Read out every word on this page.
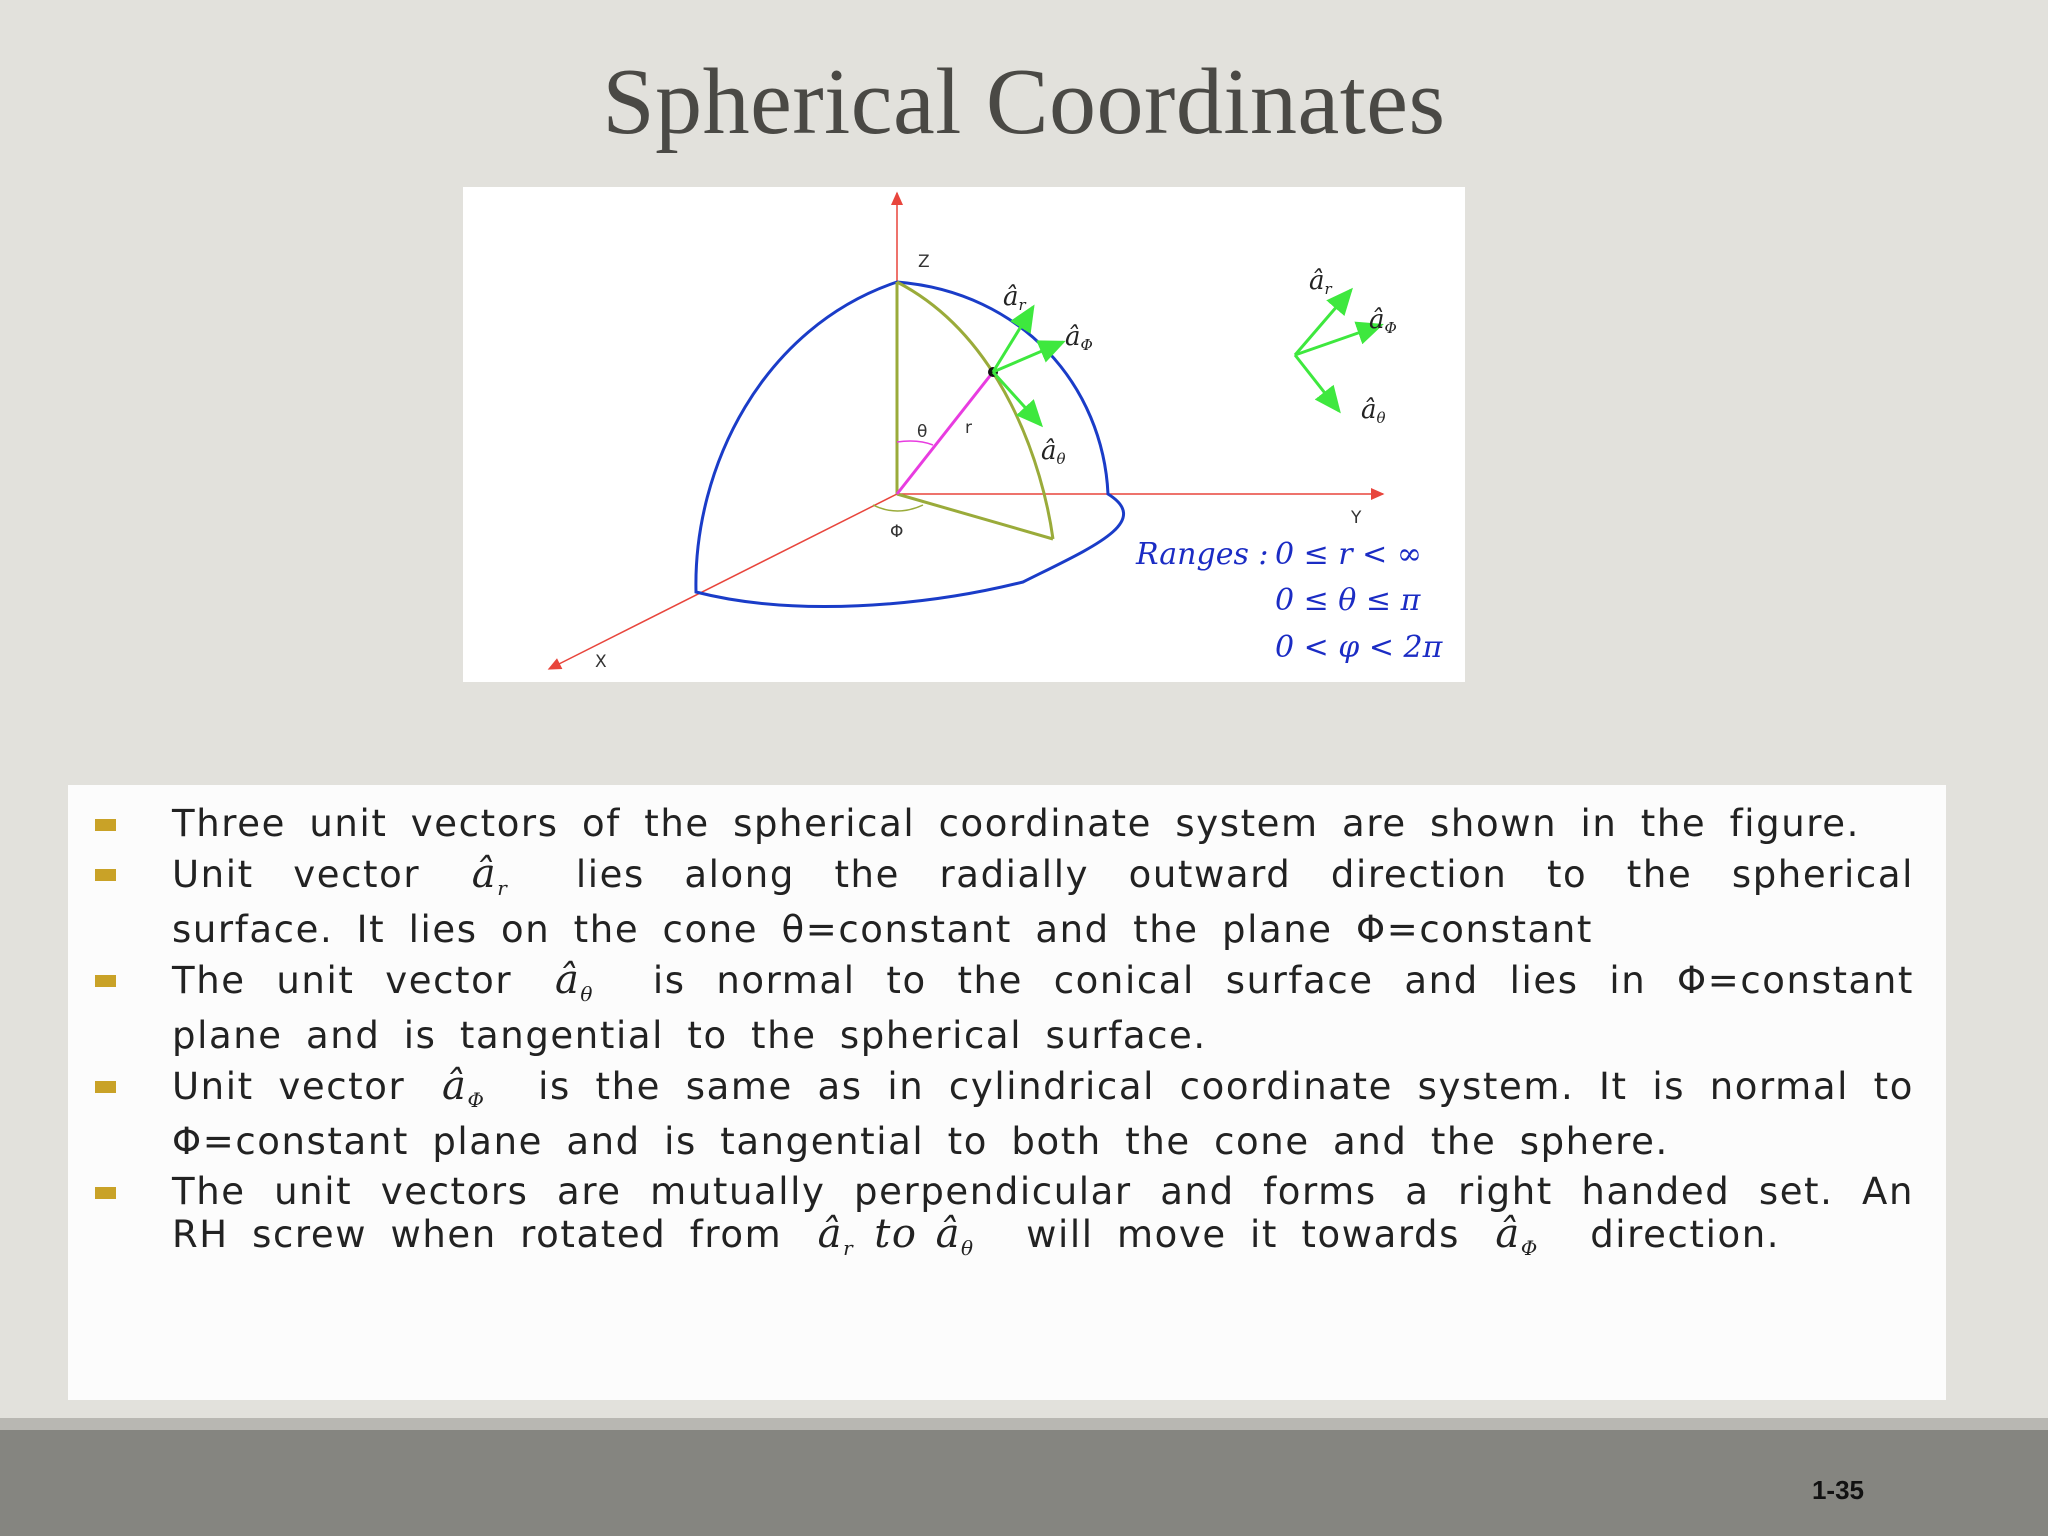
Spherical Coordinates
Z
Y
X
θ r
Φ
âr
âΦ
âθ
âr
âΦ
âθ
Ranges : 0 ≤ r < ∞
0 ≤ θ ≤ π
0 < φ < 2π
Three unit vectors of the spherical coordinate system are shown in the figure.
Unit vector $â_r$ lies along the radially outward direction to the spherical surface. It lies on the cone θ=constant and the plane Φ=constant
The unit vector $â_\theta$ is normal to the conical surface and lies in Φ=constant plane and is tangential to the spherical surface.
Unit vector $â_\Phi$ is the same as in cylindrical coordinate system. It is normal to Φ=constant plane and is tangential to both the cone and the sphere.
The unit vectors are mutually perpendicular and forms a right handed set. An RH screw when rotated from $â_r$ to $â_\theta$ will move it towards $â_\Phi$ direction.
1-35
